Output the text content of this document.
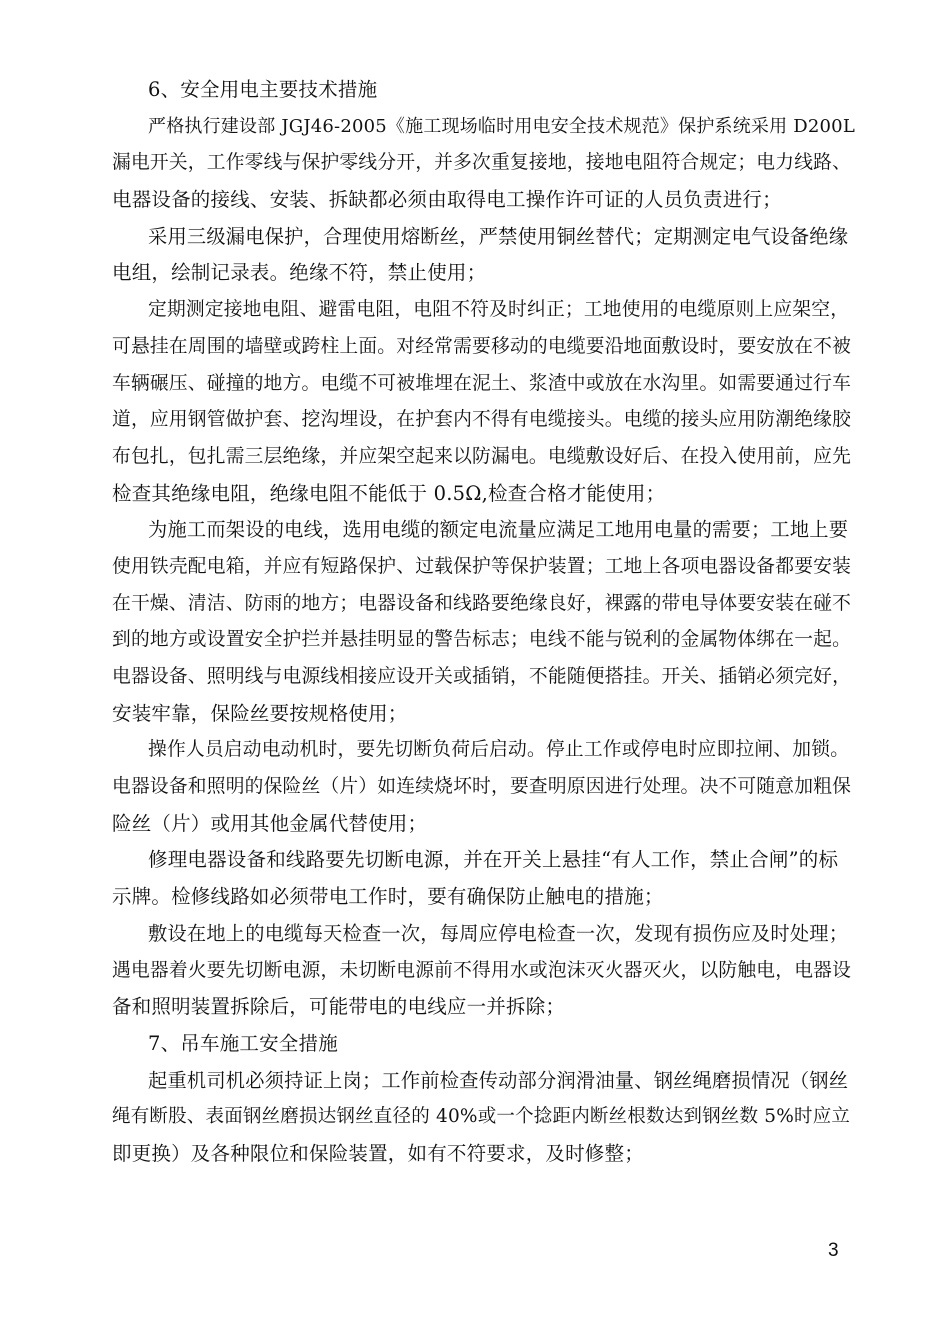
6、安全用电主要技术措施
严格执行建设部 JGJ46-2005《施工现场临时用电安全技术规范》保护系统采用 D200L
漏电开关，工作零线与保护零线分开，并多次重复接地，接地电阻符合规定；电力线路、
电器设备的接线、安装、拆缺都必须由取得电工操作许可证的人员负责进行；
采用三级漏电保护，合理使用熔断丝，严禁使用铜丝替代；定期测定电气设备绝缘
电组，绘制记录表。绝缘不符，禁止使用；
定期测定接地电阻、避雷电阻，电阻不符及时纠正；工地使用的电缆原则上应架空，
可悬挂在周围的墙壁或跨柱上面。对经常需要移动的电缆要沿地面敷设时，要安放在不被
车辆碾压、碰撞的地方。电缆不可被堆埋在泥土、浆渣中或放在水沟里。如需要通过行车
道，应用钢管做护套、挖沟埋设，在护套内不得有电缆接头。电缆的接头应用防潮绝缘胶
布包扎，包扎需三层绝缘，并应架空起来以防漏电。电缆敷设好后、在投入使用前，应先
检查其绝缘电阻，绝缘电阻不能低于 0.5Ω,检查合格才能使用；
为施工而架设的电线，选用电缆的额定电流量应满足工地用电量的需要；工地上要
使用铁壳配电箱，并应有短路保护、过载保护等保护装置；工地上各项电器设备都要安装
在干燥、清洁、防雨的地方；电器设备和线路要绝缘良好，裸露的带电导体要安装在碰不
到的地方或设置安全护拦并悬挂明显的警告标志；电线不能与锐利的金属物体绑在一起。
电器设备、照明线与电源线相接应设开关或插销，不能随便搭挂。开关、插销必须完好，
安装牢靠，保险丝要按规格使用；
操作人员启动电动机时，要先切断负荷后启动。停止工作或停电时应即拉闸、加锁。
电器设备和照明的保险丝（片）如连续烧坏时，要查明原因进行处理。决不可随意加粗保
险丝（片）或用其他金属代替使用；
修理电器设备和线路要先切断电源，并在开关上悬挂“有人工作，禁止合闸”的标
示牌。检修线路如必须带电工作时，要有确保防止触电的措施；
敷设在地上的电缆每天检查一次，每周应停电检查一次，发现有损伤应及时处理；
遇电器着火要先切断电源，未切断电源前不得用水或泡沫灭火器灭火，以防触电，电器设
备和照明装置拆除后，可能带电的电线应一并拆除；
7、吊车施工安全措施
起重机司机必须持证上岗；工作前检查传动部分润滑油量、钢丝绳磨损情况（钢丝
绳有断股、表面钢丝磨损达钢丝直径的 40%或一个捻距内断丝根数达到钢丝数 5%时应立
即更换）及各种限位和保险装置，如有不符要求，及时修整；
3
